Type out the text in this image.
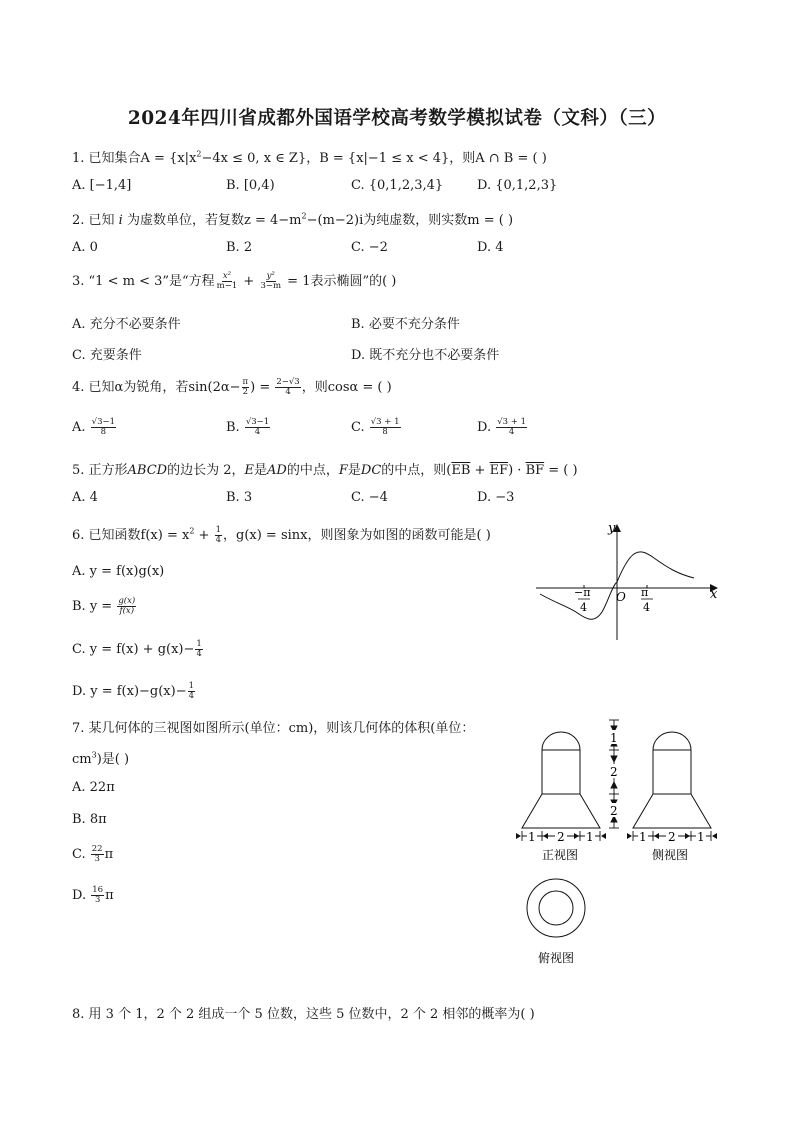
2024年四川省成都外国语学校高考数学模拟试卷（文科）（三）
1. 已知集合$A = \{x|x^2-4x \le 0$, x ∈ Z}，B = {x|−1 ≤ x < 4}，则A ∩ B = ( )
A. [−1,4]	B. [0,4)	C. {0,1,2,3,4}	D. {0,1,2,3}
2. 已知 i 为虚数单位，若复数$z = 4-m^2-(m-2)i$为纯虚数，则实数m = ( )
A. 0	B. 2	C. −2	D. 4
3. “1 < m < 3”是“方程 $\frac{\text{x²}}{m-1} + \frac{\text{y²}}{3-m} = 1$表示椭圆”的( )
A. 充分不必要条件	B. 必要不充分条件
C. 充要条件	D. 既不充分也不必要条件
4. 已知α为锐角，若$\sin(2\alpha- \frac{\pi}{2}$ ) = $\frac{2-√3}{4}$ ，则cosα = ( )
A. $\frac{√3-1}{8}$	B. $\frac{√3-1}{4}$	C. $\frac{√3 + 1}{8}$	D. $\frac{√3 + 1}{4}$
5. 正方形ABCD的边长为 2，E是AD的中点，F是DC的中点，则$(\overline{EB} + \overline{EF}) \cdot \overline{BF}$ = ( )
A. 4	B. 3	C. −4	D. −3
6. 已知函数$f(x) = x^2 + \frac{1}{4}$ ，g(x) = sinx，则图象为如图的函数可能是( )
A. y = f(x)g(x)
B. $y = \frac{g(x)}{f(x)}$
C. $y = f(x) + g(x)- \frac{1}{4}$
D. $y = f(x)-g(x)- \frac{1}{4}$
y
x
O
−π
4
π
4
7. 某几何体的三视图如图所示(单位：cm)，则该几何体的体积(单位：
$cm^3$)是( )
A. 22π
B. 8π
C. $\frac{22}{3}$ π
D. $\frac{16}{3}$ π
1
2
2
1 2 1	1 2 1
正视图	侧视图
俯视图
8. 用 3 个 1，2 个 2 组成一个 5 位数，这些 5 位数中，2 个 2 相邻的概率为( )
